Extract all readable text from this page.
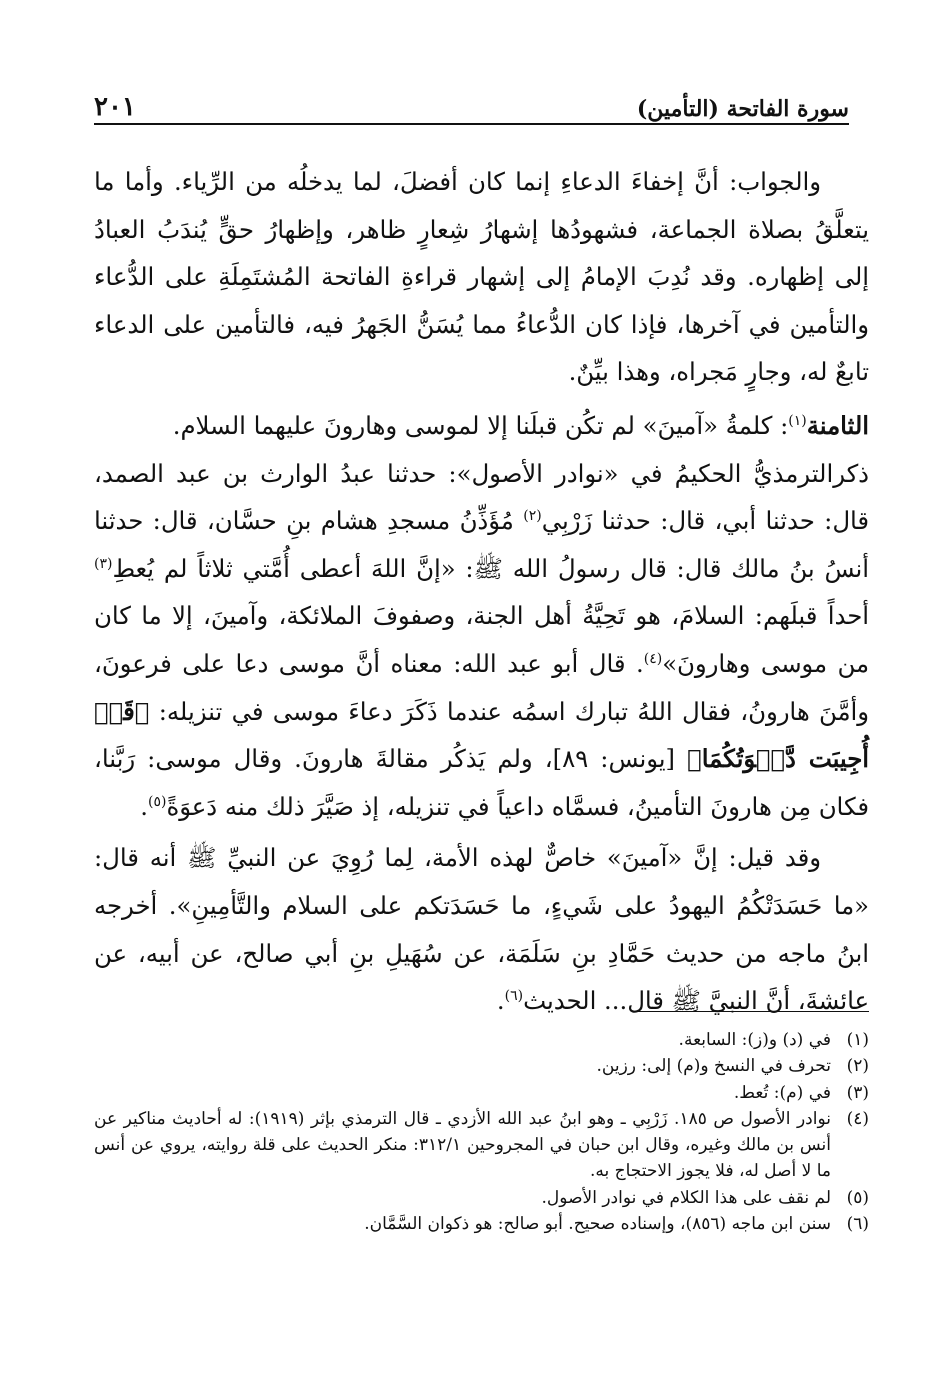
سورة الفاتحة (التأمين)
٢٠١

والجواب: أنَّ إخفاءَ الدعاءِ إنما كان أفضلَ، لما يدخلُه من الرِّياء. وأما ما يتعلَّقُ بصلاة الجماعة، فشهودُها إشهارُ شِعارٍ ظاهر، وإظهارُ حقٍّ يُندَبُ العبادُ إلى إظهاره. وقد نُدِبَ الإمامُ إلى إشهار قراءةِ الفاتحة المُشتَمِلَةِ على الدُّعاء والتأمين في آخرها، فإذا كان الدُّعاءُ مما يُسَنُّ الجَهرُ فيه، فالتأمين على الدعاء تابعٌ له، وجارٍ مَجراه، وهذا بيِّنٌ.

الثامنة$^{(١)}$: كلمةُ «آمينَ» لم تكُن قبلَنا إلا لموسى وهارونَ عليهما السلام.

ذكرالترمذيُّ الحكيمُ في «نوادر الأصول»: حدثنا عبدُ الوارث بن عبد الصمد، قال: حدثنا أبي، قال: حدثنا زَرْبِي$^{(٢)}$ مُؤَذِّنُ مسجدِ هشام بنِ حسَّان، قال: حدثنا أنسُ بنُ مالك قال: قال رسولُ الله ﷺ: «إنَّ اللهَ أعطى أُمَّتي ثلاثاً لم يُعطِ$^{(٣)}$ أحداً قبلَهم: السلامَ، هو تَحِيَّةُ أهل الجنة، وصفوفَ الملائكة، وآمينَ، إلا ما كان من موسى وهارونَ»$^{(٤)}$. قال أبو عبد الله: معناه أنَّ موسى دعا على فرعونَ، وأمَّنَ هارونُ، فقال اللهُ تبارك اسمُه عندما ذَكَرَ دعاءَ موسى في تنزيله: ﴿قَدۡ أُجِيبَت دَّعۡوَتُكُمَا﴾ [يونس: ٨٩]، ولم يَذكُر مقالةَ هارونَ. وقال موسى: رَبَّنا، فكان مِن هارونَ التأمينُ، فسمَّاه داعياً في تنزيله، إذ صَيَّرَ ذلك منه دَعوَةً$^{(٥)}$.

وقد قيل: إنَّ «آمينَ» خاصٌّ لهذه الأمة، لِما رُوِيَ عن النبيِّ ﷺ أنه قال: «ما حَسَدَتْكُمُ اليهودُ على شَيءٍ، ما حَسَدَتكم على السلام والتَّأمِينِ». أخرجه ابنُ ماجه من حديث حَمَّادِ بنِ سَلَمَة، عن سُهَيلِ بنِ أبي صالح، عن أبيه، عن عائشةَ، أنَّ النبيَّ ﷺ قال... الحديث$^{(٦)}$.

(١)
في (د) و(ز): السابعة.
(٢)
تحرف في النسخ و(م) إلى: رزين.
(٣)
في (م): تُعط.
(٤)
نوادر الأصول ص ١٨٥. زَرْبِي ـ وهو ابنُ عبد الله الأزدي ـ قال الترمذي بإثر (١٩١٩): له أحاديث مناكير عن أنس بن مالك وغيره، وقال ابن حبان في المجروحين ٣١٢/١: منكر الحديث على قلة روايته، يروي عن أنس ما لا أصل له، فلا يجوز الاحتجاج به.
(٥)
لم نقف على هذا الكلام في نوادر الأصول.
(٦)
سنن ابن ماجه (٨٥٦)، وإسناده صحيح. أبو صالح: هو ذكوان السَّمَّان.
